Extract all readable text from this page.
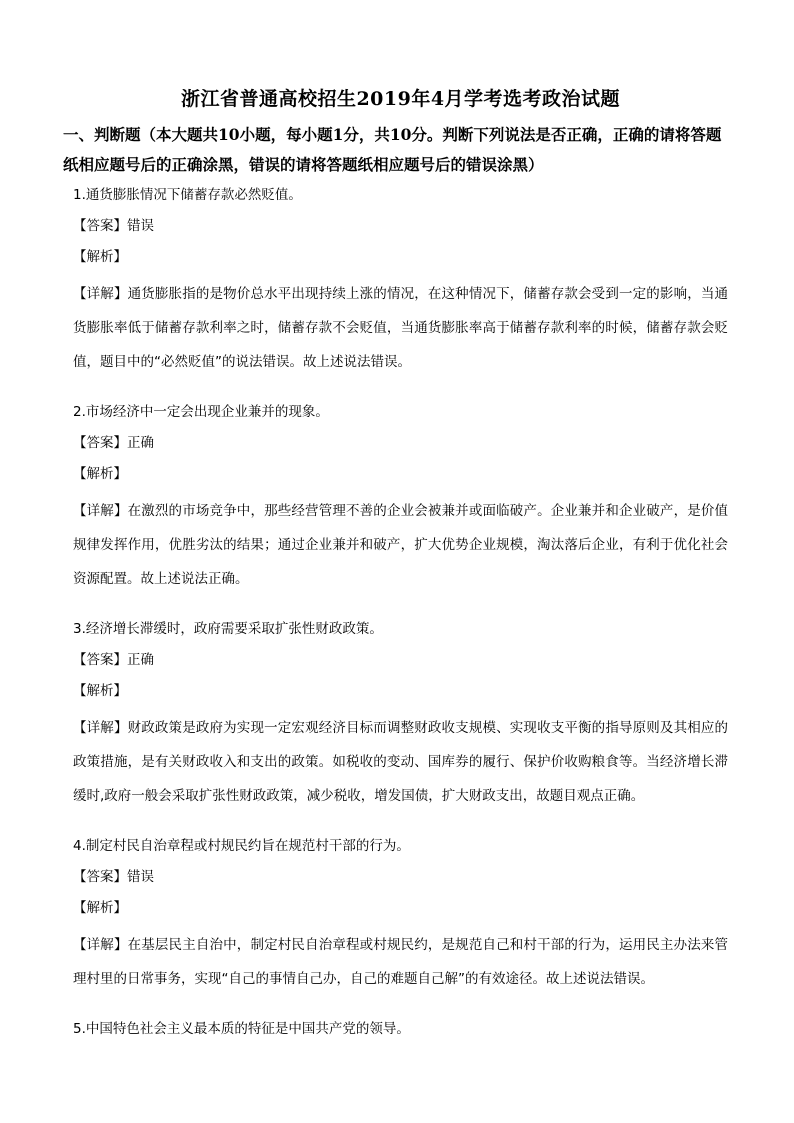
浙江省普通高校招生2019年4月学考选考政治试题
一、判断题（本大题共10小题，每小题1分，共10分。判断下列说法是否正确，正确的请将答题纸相应题号后的正确涂黑，错误的请将答题纸相应题号后的错误涂黑）
1.通货膨胀情况下储蓄存款必然贬值。
【答案】错误
【解析】
【详解】通货膨胀指的是物价总水平出现持续上涨的情况，在这种情况下，储蓄存款会受到一定的影响，当通货膨胀率低于储蓄存款利率之时，储蓄存款不会贬值，当通货膨胀率高于储蓄存款利率的时候，储蓄存款会贬值，题目中的“必然贬值”的说法错误。故上述说法错误。
2.市场经济中一定会出现企业兼并的现象。
【答案】正确
【解析】
【详解】在激烈的市场竞争中，那些经营管理不善的企业会被兼并或面临破产。企业兼并和企业破产，是价值规律发挥作用，优胜劣汰的结果；通过企业兼并和破产，扩大优势企业规模，淘汰落后企业，有利于优化社会资源配置。故上述说法正确。
3.经济增长滞缓时，政府需要采取扩张性财政政策。
【答案】正确
【解析】
【详解】财政政策是政府为实现一定宏观经济目标而调整财政收支规模、实现收支平衡的指导原则及其相应的政策措施，是有关财政收入和支出的政策。如税收的变动、国库券的履行、保护价收购粮食等。当经济增长滞缓时,政府一般会采取扩张性财政政策，减少税收，增发国债，扩大财政支出，故题目观点正确。
4.制定村民自治章程或村规民约旨在规范村干部的行为。
【答案】错误
【解析】
【详解】在基层民主自治中，制定村民自治章程或村规民约，是规范自己和村干部的行为，运用民主办法来管理村里的日常事务，实现“自己的事情自己办，自己的难题自己解”的有效途径。故上述说法错误。
5.中国特色社会主义最本质的特征是中国共产党的领导。
